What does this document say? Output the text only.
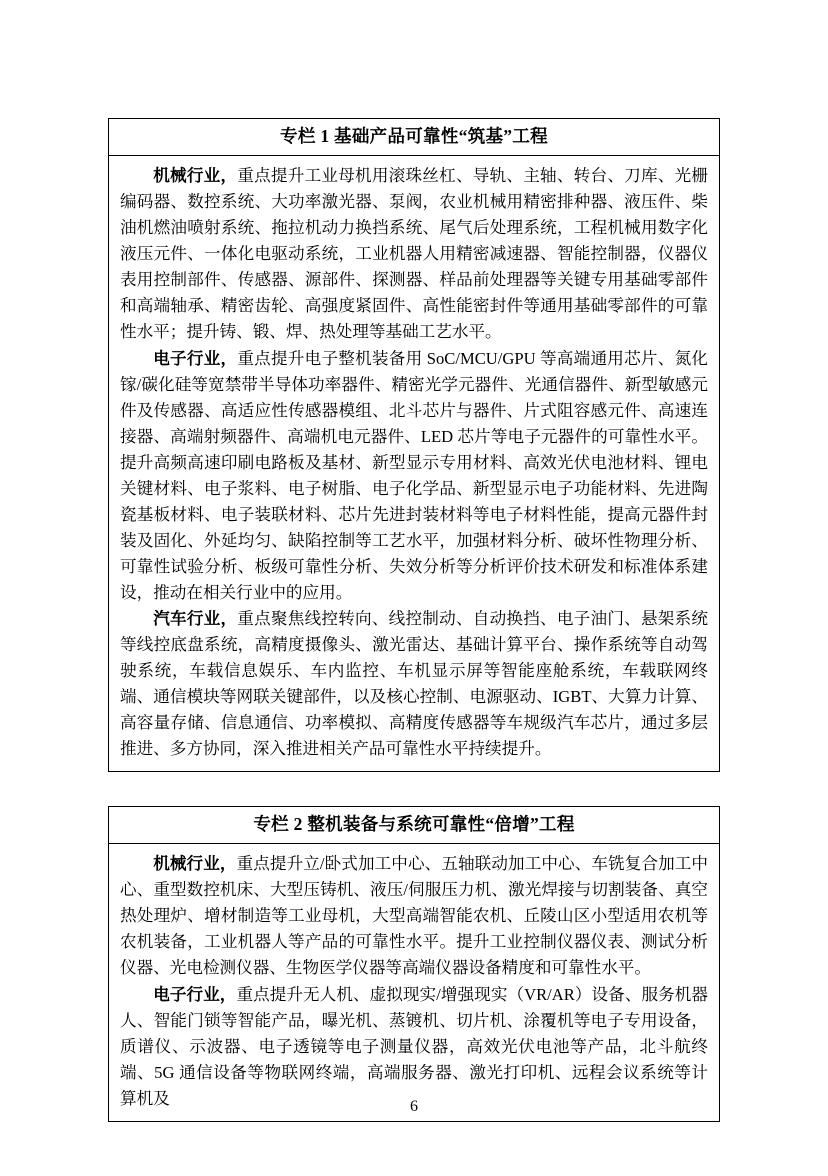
专栏 1 基础产品可靠性“筑基”工程

机械行业，重点提升工业母机用滚珠丝杠、导轨、主轴、转台、刀库、光栅编码器、数控系统、大功率激光器、泵阀，农业机械用精密排种器、液压件、柴油机燃油喷射系统、拖拉机动力换挡系统、尾气后处理系统，工程机械用数字化液压元件、一体化电驱动系统，工业机器人用精密减速器、智能控制器，仪器仪表用控制部件、传感器、源部件、探测器、样品前处理器等关键专用基础零部件和高端轴承、精密齿轮、高强度紧固件、高性能密封件等通用基础零部件的可靠性水平；提升铸、锻、焊、热处理等基础工艺水平。

电子行业，重点提升电子整机装备用 SoC/MCU/GPU 等高端通用芯片、氮化镓/碳化硅等宽禁带半导体功率器件、精密光学元器件、光通信器件、新型敏感元件及传感器、高适应性传感器模组、北斗芯片与器件、片式阻容感元件、高速连接器、高端射频器件、高端机电元器件、LED 芯片等电子元器件的可靠性水平。提升高频高速印刷电路板及基材、新型显示专用材料、高效光伏电池材料、锂电关键材料、电子浆料、电子树脂、电子化学品、新型显示电子功能材料、先进陶瓷基板材料、电子装联材料、芯片先进封装材料等电子材料性能，提高元器件封装及固化、外延均匀、缺陷控制等工艺水平，加强材料分析、破坏性物理分析、可靠性试验分析、板级可靠性分析、失效分析等分析评价技术研发和标准体系建设，推动在相关行业中的应用。

汽车行业，重点聚焦线控转向、线控制动、自动换挡、电子油门、悬架系统等线控底盘系统，高精度摄像头、激光雷达、基础计算平台、操作系统等自动驾驶系统，车载信息娱乐、车内监控、车机显示屏等智能座舱系统，车载联网终端、通信模块等网联关键部件，以及核心控制、电源驱动、IGBT、大算力计算、高容量存储、信息通信、功率模拟、高精度传感器等车规级汽车芯片，通过多层推进、多方协同，深入推进相关产品可靠性水平持续提升。

专栏 2 整机装备与系统可靠性“倍增”工程

机械行业，重点提升立/卧式加工中心、五轴联动加工中心、车铣复合加工中心、重型数控机床、大型压铸机、液压/伺服压力机、激光焊接与切割装备、真空热处理炉、增材制造等工业母机，大型高端智能农机、丘陵山区小型适用农机等农机装备，工业机器人等产品的可靠性水平。提升工业控制仪器仪表、测试分析仪器、光电检测仪器、生物医学仪器等高端仪器设备精度和可靠性水平。

电子行业，重点提升无人机、虚拟现实/增强现实（VR/AR）设备、服务机器人、智能门锁等智能产品，曝光机、蒸镀机、切片机、涂覆机等电子专用设备，质谱仪、示波器、电子透镜等电子测量仪器，高效光伏电池等产品，北斗航终端、5G 通信设备等物联网终端，高端服务器、激光打印机、远程会议系统等计算机及	6
